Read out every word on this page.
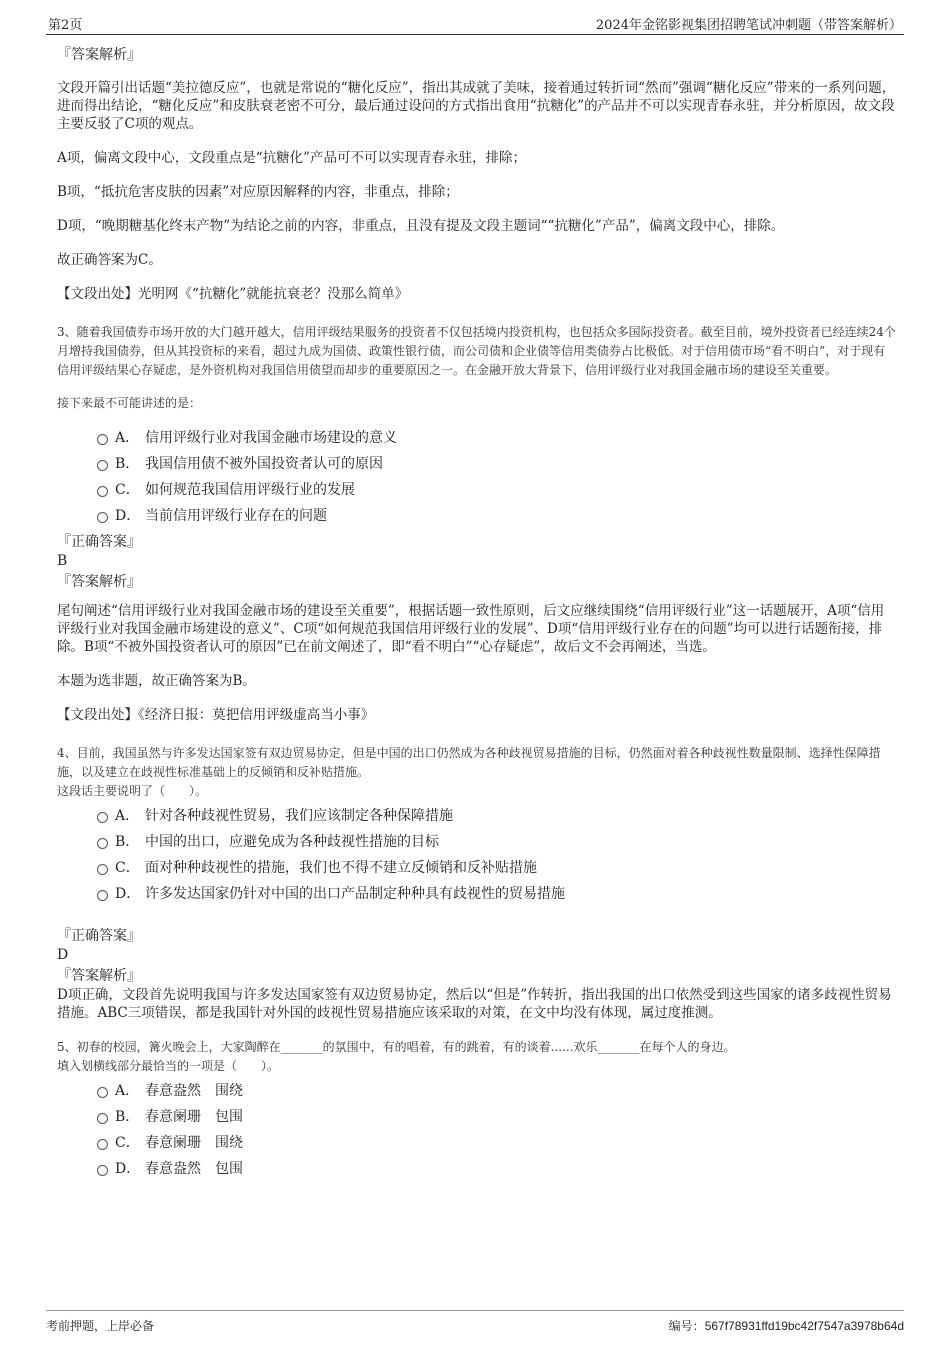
第2页	2024年金铭影视集团招聘笔试冲刺题（带答案解析）

『答案解析』

文段开篇引出话题“美拉德反应”，也就是常说的“糖化反应”，指出其成就了美味，接着通过转折词“然而”强调“糖化反应”带来的一系列问题，进而得出结论，“糖化反应”和皮肤衰老密不可分，最后通过设问的方式指出食用“抗糖化”的产品并不可以实现青春永驻，并分析原因，故文段主要反驳了C项的观点。

A项，偏离文段中心，文段重点是“抗糖化”产品可不可以实现青春永驻，排除；

B项，“抵抗危害皮肤的因素”对应原因解释的内容，非重点，排除；

D项，“晚期糖基化终末产物”为结论之前的内容，非重点，且没有提及文段主题词““抗糖化”产品”，偏离文段中心，排除。

故正确答案为C。

【文段出处】光明网《“抗糖化”就能抗衰老？没那么简单》

3、随着我国债券市场开放的大门越开越大，信用评级结果服务的投资者不仅包括境内投资机构，也包括众多国际投资者。截至目前，境外投资者已经连续24个月增持我国债券，但从其投资标的来看，超过九成为国债、政策性银行债，而公司债和企业债等信用类债券占比极低。对于信用债市场“看不明白”，对于现有信用评级结果心存疑虑，是外资机构对我国信用债望而却步的重要原因之一。在金融开放大背景下，信用评级行业对我国金融市场的建设至关重要。

接下来最不可能讲述的是：

A． 信用评级行业对我国金融市场建设的意义
B． 我国信用债不被外国投资者认可的原因
C． 如何规范我国信用评级行业的发展
D． 当前信用评级行业存在的问题

『正确答案』

B

『答案解析』

尾句阐述“信用评级行业对我国金融市场的建设至关重要”，根据话题一致性原则，后文应继续围绕“信用评级行业”这一话题展开，A项“信用评级行业对我国金融市场建设的意义”、C项“如何规范我国信用评级行业的发展”、D项“信用评级行业存在的问题”均可以进行话题衔接，排除。B项“不被外国投资者认可的原因”已在前文阐述了，即“看不明白”“心存疑虑”，故后文不会再阐述，当选。

本题为选非题，故正确答案为B。

【文段出处】《经济日报：莫把信用评级虚高当小事》

4、目前，我国虽然与许多发达国家签有双边贸易协定，但是中国的出口仍然成为各种歧视贸易措施的目标，仍然面对着各种歧视性数量限制、选择性保障措施，以及建立在歧视性标准基础上的反倾销和反补贴措施。

这段话主要说明了（　　）。

A． 针对各种歧视性贸易，我们应该制定各种保障措施
B． 中国的出口，应避免成为各种歧视性措施的目标
C． 面对种种歧视性的措施，我们也不得不建立反倾销和反补贴措施
D． 许多发达国家仍针对中国的出口产品制定种种具有歧视性的贸易措施

『正确答案』

D

『答案解析』

D项正确，文段首先说明我国与许多发达国家签有双边贸易协定，然后以“但是”作转折，指出我国的出口依然受到这些国家的诸多歧视性贸易措施。ABC三项错误，都是我国针对外国的歧视性贸易措施应该采取的对策，在文中均没有体现，属过度推测。

5、初春的校园，篝火晚会上，大家陶醉在_______的氛围中，有的唱着，有的跳着，有的谈着......欢乐_______在每个人的身边。

填入划横线部分最恰当的一项是（　　）。

A． 春意盎然　围绕
B． 春意阑珊　包围
C． 春意阑珊　围绕
D． 春意盎然　包围
考前押题，上岸必备	编号：567f78931ffd19bc42f7547a3978b64d
